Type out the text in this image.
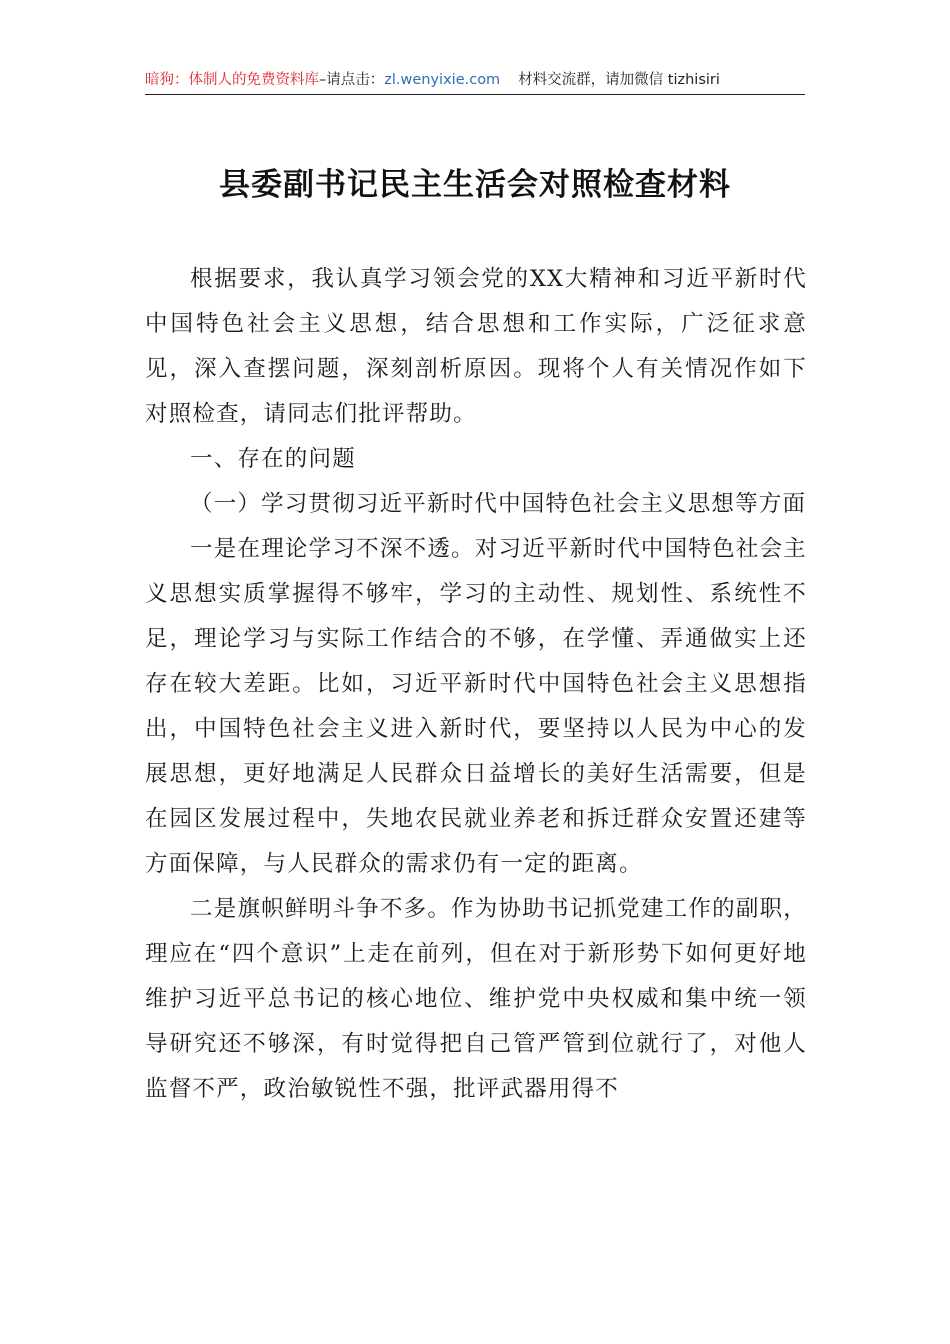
暗狗：体制人的免费资料库–请点击：zl.wenyixie.com 材料交流群，请加微信 tizhisiri
县委副书记民主生活会对照检查材料

根据要求，我认真学习领会党的XX大精神和习近平新时代中国特色社会主义思想，结合思想和工作实际，广泛征求意见，深入查摆问题，深刻剖析原因。现将个人有关情况作如下对照检查，请同志们批评帮助。

一、存在的问题

（一）学习贯彻习近平新时代中国特色社会主义思想等方面

一是在理论学习不深不透。对习近平新时代中国特色社会主义思想实质掌握得不够牢，学习的主动性、规划性、系统性不足，理论学习与实际工作结合的不够，在学懂、弄通做实上还存在较大差距。比如，习近平新时代中国特色社会主义思想指出，中国特色社会主义进入新时代，要坚持以人民为中心的发展思想，更好地满足人民群众日益增长的美好生活需要，但是在园区发展过程中，失地农民就业养老和拆迁群众安置还建等方面保障，与人民群众的需求仍有一定的距离。

二是旗帜鲜明斗争不多。作为协助书记抓党建工作的副职，理应在“四个意识”上走在前列，但在对于新形势下如何更好地维护习近平总书记的核心地位、维护党中央权威和集中统一领导研究还不够深，有时觉得把自己管严管到位就行了，对他人监督不严，政治敏锐性不强，批评武器用得不
